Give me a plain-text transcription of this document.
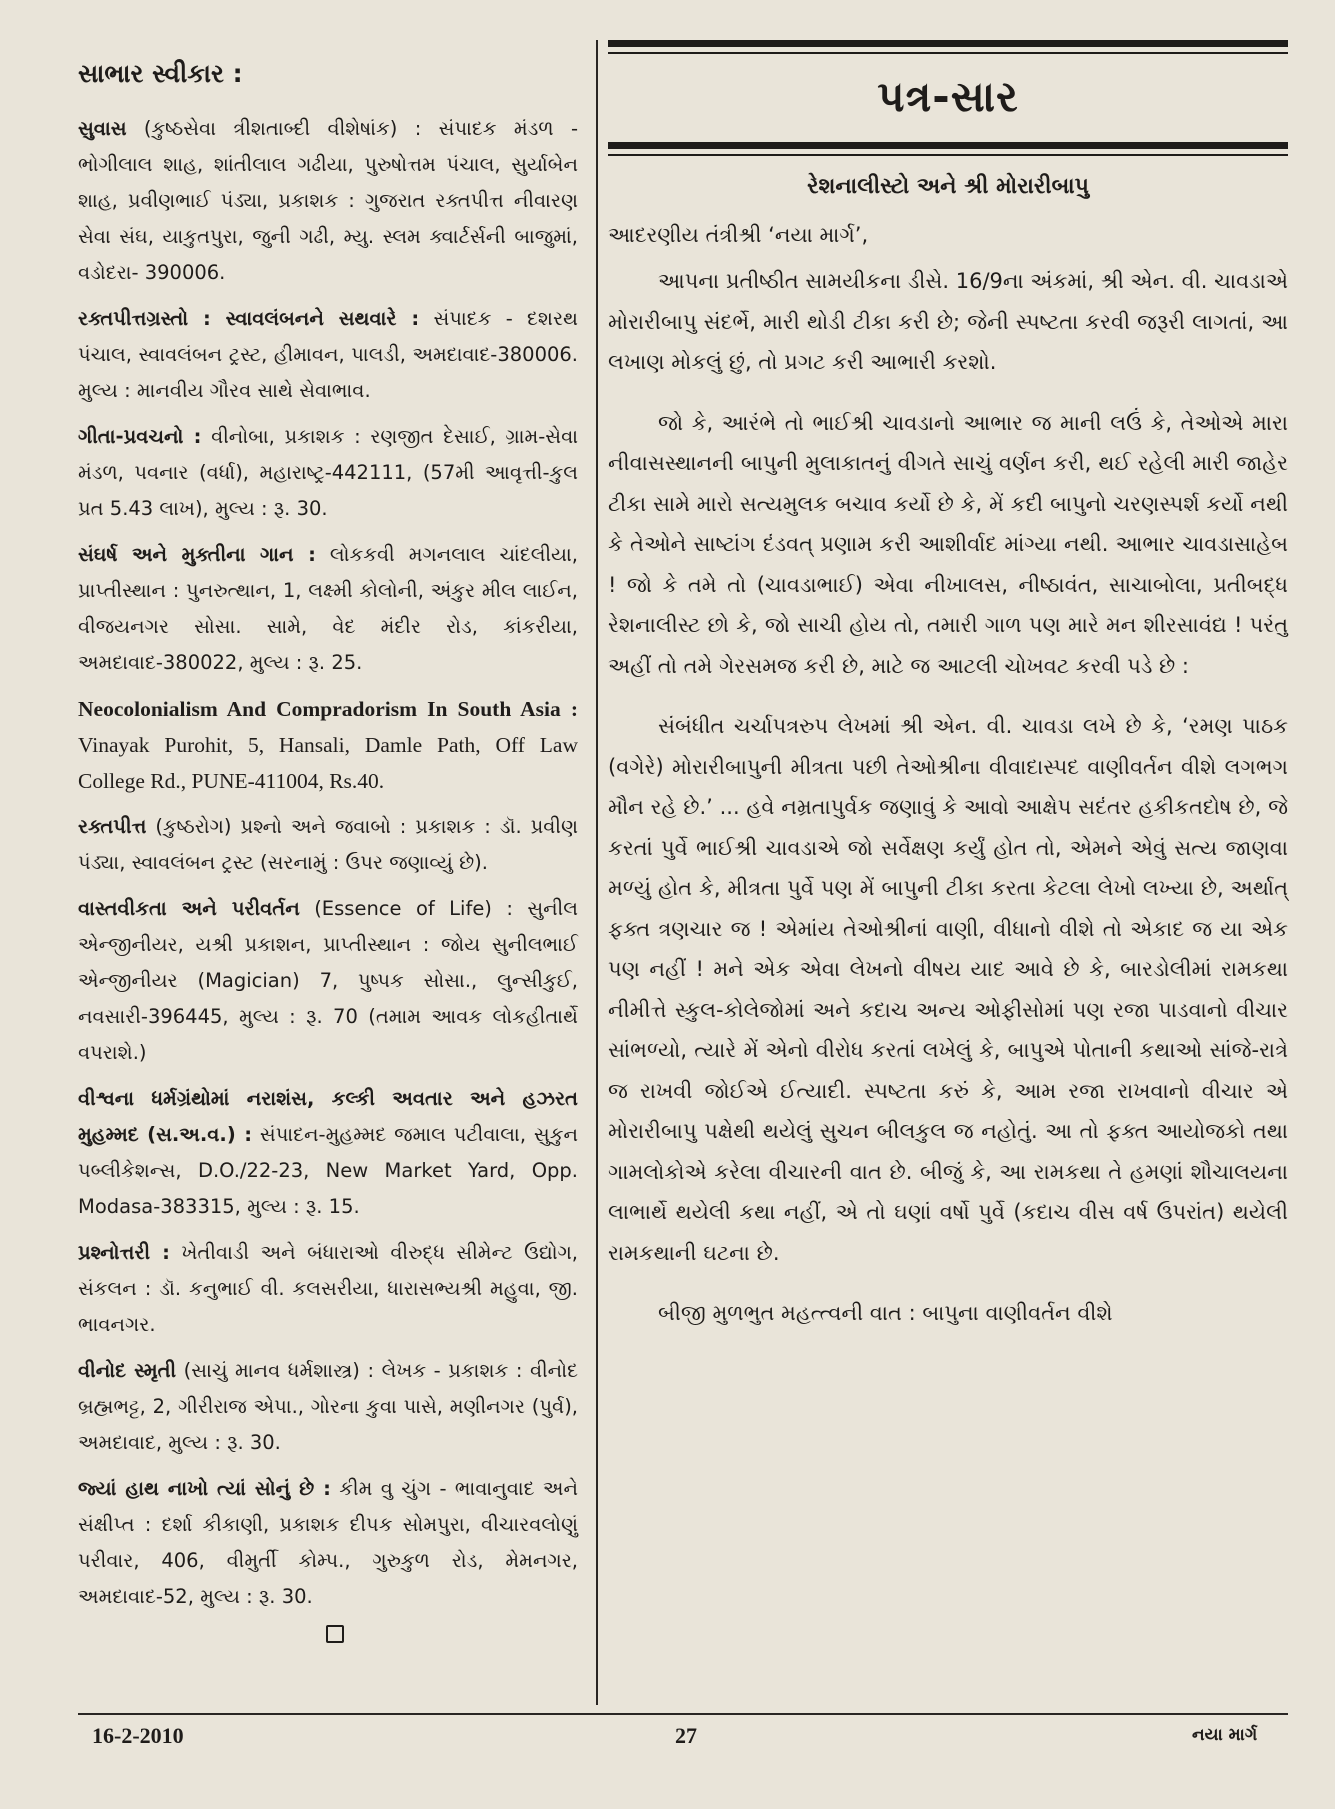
સાભાર સ્વીકાર :

સુવાસ (કુષ્ઠસેવા ત્રીશતાબ્દી વીશેષાંક) : સંપાદક મંડળ - ભોગીલાલ શાહ, શાંતીલાલ ગઢીયા, પુરુષોત્તમ પંચાલ, સુર્યાબેન શાહ, પ્રવીણભાઈ પંડ્યા, પ્રકાશક : ગુજરાત રક્તપીત્ત નીવારણ સેવા સંઘ, યાકુતપુરા, જુની ગઢી, મ્યુ. સ્લમ ક્વાર્ટર્સની બાજુમાં, વડોદરા- 390006.

રક્તપીત્તગ્રસ્તો : સ્વાવલંબનને સથવારે : સંપાદક - દશરથ પંચાલ, સ્વાવલંબન ટ્રસ્ટ, હીમાવન, પાલડી, અમદાવાદ-380006. મુલ્ય : માનવીય ગૌરવ સાથે સેવાભાવ.

ગીતા-પ્રવચનો : વીનોબા, પ્રકાશક : રણજીત દેસાઈ, ગ્રામ-સેવા મંડળ, પવનાર (વર્ધા), મહારાષ્ટ્ર-442111, (57મી આવૃત્તી-કુલ પ્રત 5.43 લાખ), મુલ્ય : રૂ. 30.

સંઘર્ષ અને મુક્તીના ગાન : લોકકવી મગનલાલ ચાંદલીયા, પ્રાપ્તીસ્થાન : પુનરુત્થાન, 1, લક્ષ્મી કોલોની, અંકુર મીલ લાઈન, વીજયનગર સોસા. સામે, વેદ મંદીર રોડ, કાંકરીયા, અમદાવાદ-380022, મુલ્ય : રૂ. 25.

Neocolonialism And Compradorism In South Asia : Vinayak Purohit, 5, Hansali, Damle Path, Off Law College Rd., PUNE-411004, Rs.40.

રક્તપીત્ત (કુષ્ઠરોગ) પ્રશ્નો અને જવાબો : પ્રકાશક : ડૉ. પ્રવીણ પંડ્યા, સ્વાવલંબન ટ્રસ્ટ (સરનામું : ઉપર જણાવ્યું છે).

વાસ્તવીકતા અને પરીવર્તન (Essence of Life) : સુનીલ એન્જીનીયર, યશ્રી પ્રકાશન, પ્રાપ્તીસ્થાન : જોય સુનીલભાઈ એન્જીનીયર (Magician) 7, પુષ્પક સોસા., લુન્સીકુઈ, નવસારી-396445, મુલ્ય : રૂ. 70 (તમામ આવક લોકહીતાર્થે વપરાશે.)

વીશ્વના ધર્મગ્રંથોમાં નરાશંસ, કલ્કી અવતાર અને હઝરત મુહમ્મદ (સ.અ.વ.) : સંપાદન-મુહમ્મદ જમાલ પટીવાલા, સુકુન પબ્લીકેશન્સ, D.O./22-23, New Market Yard, Opp. Modasa-383315, મુલ્ય : રૂ. 15.

પ્રશ્નોત્તરી : ખેતીવાડી અને બંધારાઓ વીરુદ્ધ સીમેન્ટ ઉદ્યોગ, સંકલન : ડૉ. કનુભાઈ વી. કલસરીયા, ધારાસભ્યશ્રી મહુવા, જી. ભાવનગર.

વીનોદ સ્મૃતી (સાચું માનવ ધર્મશાસ્ત્ર) : લેખક - પ્રકાશક : વીનોદ બ્રહ્મભટ્ટ, 2, ગીરીરાજ એપા., ગોરના કુવા પાસે, મણીનગર (પુર્વ), અમદાવાદ, મુલ્ય : રૂ. 30.

જ્યાં હાથ નાખો ત્યાં સોનું છે : કીમ વુ ચુંગ - ભાવાનુવાદ અને સંક્ષીપ્ત : દર્શા કીકાણી, પ્રકાશક દીપક સોમપુરા, વીચારવલોણું પરીવાર, 406, વીમુર્તી કોમ્પ., ગુરુકુળ રોડ, મેમનગર, અમદાવાદ-52, મુલ્ય : રૂ. 30.

પત્ર-સાર
રેશનાલીસ્ટો અને શ્રી મોરારીબાપુ
આદરણીય તંત્રીશ્રી ‘નયા માર્ગ’,

આપના પ્રતીષ્ઠીત સામયીકના ડીસે. 16/9ના અંકમાં, શ્રી એન. વી. ચાવડાએ મોરારીબાપુ સંદર્ભે, મારી થોડી ટીકા કરી છે; જેની સ્પષ્ટતા કરવી જરૂરી લાગતાં, આ લખાણ મોકલું છું, તો પ્રગટ કરી આભારી કરશો.

જો કે, આરંભે તો ભાઈશ્રી ચાવડાનો આભાર જ માની લઉં કે, તેઓએ મારા નીવાસસ્થાનની બાપુની મુલાકાતનું વીગતે સાચું વર્ણન કરી, થઈ રહેલી મારી જાહેર ટીકા સામે મારો સત્યમુલક બચાવ કર્યો છે કે, મેં કદી બાપુનો ચરણસ્પર્શ કર્યો નથી કે તેઓને સાષ્ટાંગ દંડવત્ પ્રણામ કરી આશીર્વાદ માંગ્યા નથી. આભાર ચાવડાસાહેબ ! જો કે તમે તો (ચાવડાભાઈ) એવા નીખાલસ, નીષ્ઠાવંત, સાચાબોલા, પ્રતીબદ્ધ રેશનાલીસ્ટ છો કે, જો સાચી હોય તો, તમારી ગાળ પણ મારે મન શીરસાવંદ્ય ! પરંતુ અહીં તો તમે ગેરસમજ કરી છે, માટે જ આટલી ચોખવટ કરવી પડે છે :

સંબંધીત ચર્ચાપત્રરુપ લેખમાં શ્રી એન. વી. ચાવડા લખે છે કે, ‘રમણ પાઠક (વગેરે) મોરારીબાપુની મીત્રતા પછી તેઓશ્રીના વીવાદાસ્પદ વાણીવર્તન વીશે લગભગ મૌન રહે છે.’ ... હવે નમ્રતાપુર્વક જણાવું કે આવો આક્ષેપ સદંતર હકીકતદોષ છે, જે કરતાં પુર્વે ભાઈશ્રી ચાવડાએ જો સર્વેક્ષણ કર્યું હોત તો, એમને એવું સત્ય જાણવા મળ્યું હોત કે, મીત્રતા પુર્વે પણ મેં બાપુની ટીકા કરતા કેટલા લેખો લખ્યા છે, અર્થાત્ ફક્ત ત્રણચાર જ ! એમાંય તેઓશ્રીનાં વાણી, વીધાનો વીશે તો એકાદ જ યા એક પણ નહીં ! મને એક એવા લેખનો વીષય યાદ આવે છે કે, બારડોલીમાં રામકથા નીમીત્તે સ્કુલ-કોલેજોમાં અને કદાચ અન્ય ઓફીસોમાં પણ રજા પાડવાનો વીચાર સાંભળ્યો, ત્યારે મેં એનો વીરોધ કરતાં લખેલું કે, બાપુએ પોતાની કથાઓ સાંજે-રાત્રે જ રાખવી જોઈએ ઈત્યાદી. સ્પષ્ટતા કરું કે, આમ રજા રાખવાનો વીચાર એ મોરારીબાપુ પક્ષેથી થયેલું સુચન બીલકુલ જ નહોતું. આ તો ફક્ત આયોજકો તથા ગામલોકોએ કરેલા વીચારની વાત છે. બીજું કે, આ રામકથા તે હમણાં શૌચાલયના લાભાર્થે થયેલી કથા નહીં, એ તો ઘણાં વર્ષો પુર્વે (કદાચ વીસ વર્ષ ઉપરાંત) થયેલી રામકથાની ઘટના છે.

બીજી મુળભુત મહત્ત્વની વાત : બાપુના વાણીવર્તન વીશે

16-2-2010	27	નયા માર્ગ
